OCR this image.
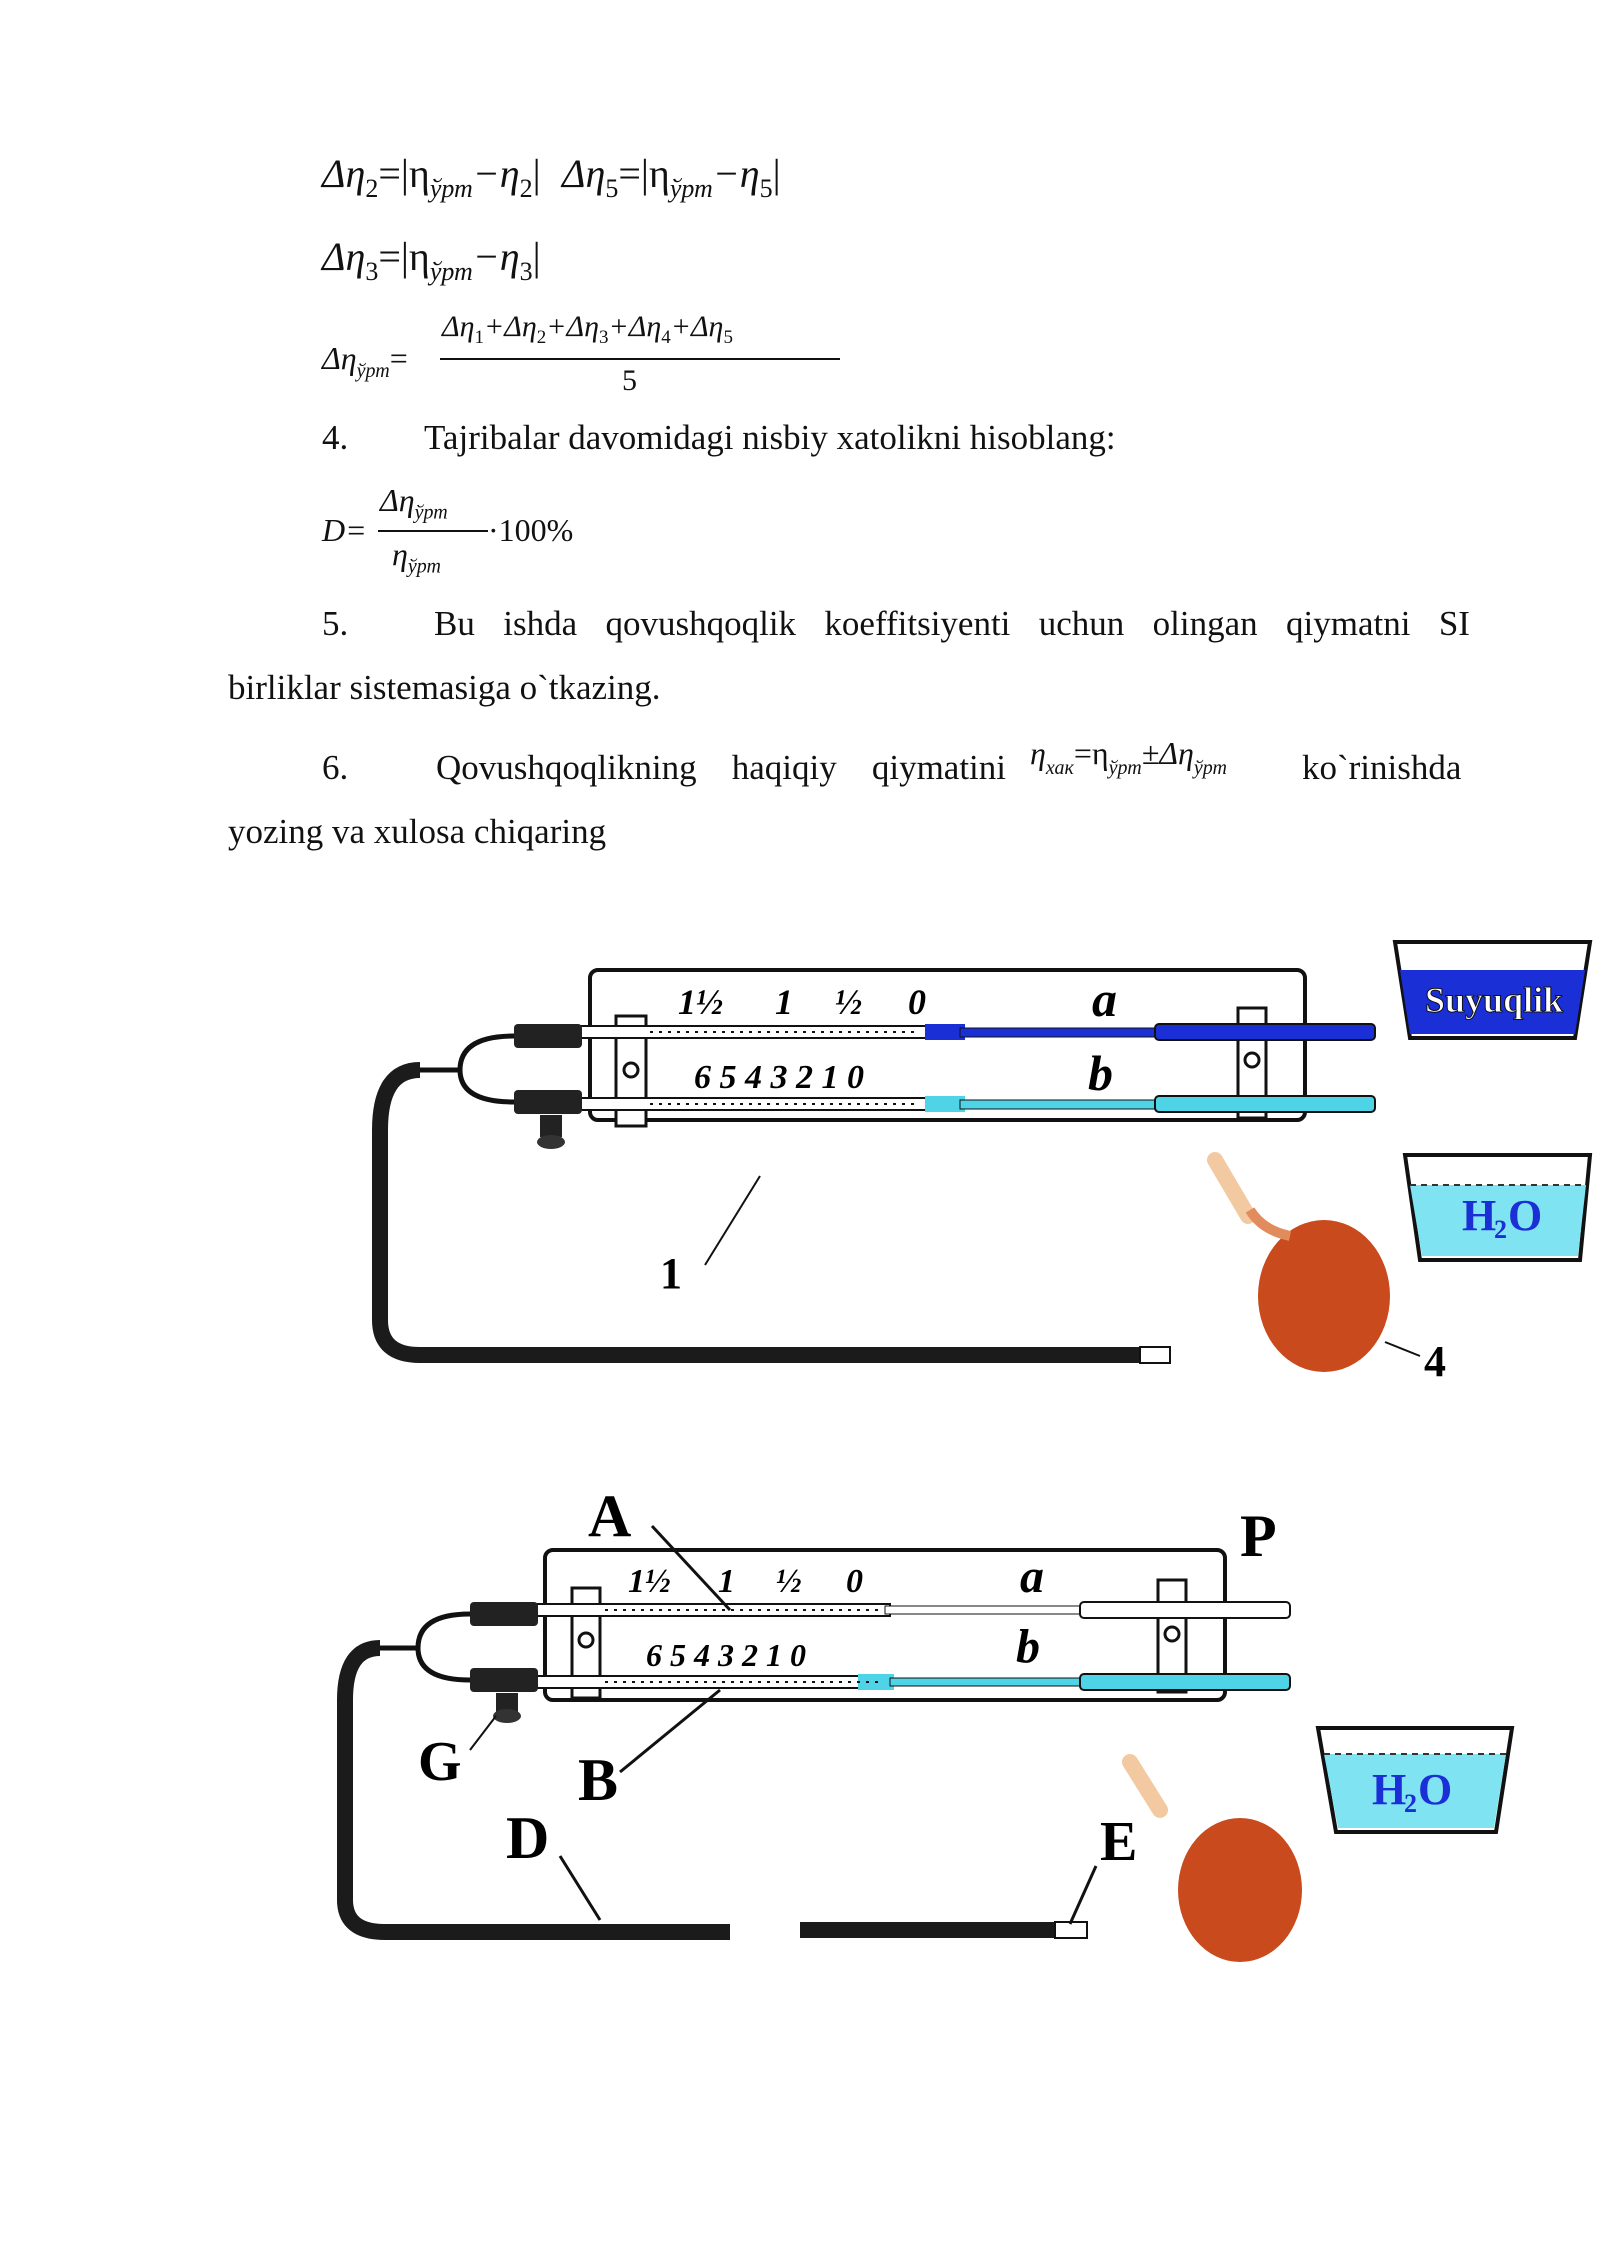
$\Delta\eta_2=|\eta_{ўрт}-\eta_2|$ $\Delta\eta_5=|\eta_{ўрт}-\eta_5|$
$\Delta\eta_3=|\eta_{ўрт}-\eta_3|$
$\Delta\eta_{ўрт}=$
$\Delta\eta_1+\Delta\eta_2+\Delta\eta_3+\Delta\eta_4+\Delta\eta_5$
5
4. Tajribalar davomidagi nisbiy xatolikni hisoblang:
D=
$\Delta\eta_{ўрт}$
$\eta_{ўрт}$
·100%
5. Bu ishda qovushqoqlik koeffitsiyenti uchun olingan qiymatni SI
birliklar sistemasiga o`tkazing.
6.	Qovushqoqlikning haqiqiy qiymatini $\eta_{хак}=\eta_{ўрт}\pm\Delta\eta_{ўрт}$ ko`rinishda
yozing va xulosa chiqaring
1½ 1 ½ 0
6 5 4 3 2 1 0
a
b
1
4
Suyuqlik
H
2 O
1½ 1 ½ 0
6 5 4 3 2 1 0
a
b
A	P
G B
D	E
H
2 O
